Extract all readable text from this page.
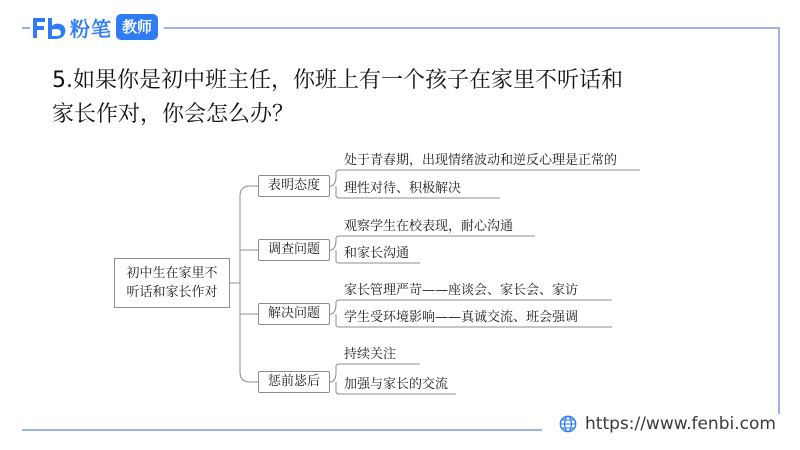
粉笔 教师
5.如果你是初中班主任，你班上有一个孩子在家里不听话和
家长作对，你会怎么办？
初中生在家里不
听话和家长作对
表明态度
调查问题
解决问题
惩前毖后
处于青春期，出现情绪波动和逆反心理是正常的
理性对待、积极解决
观察学生在校表现，耐心沟通
和家长沟通
家长管理严苛——座谈会、家长会、家访
学生受环境影响——真诚交流、班会强调
持续关注
加强与家长的交流
https://www.fenbi.com
